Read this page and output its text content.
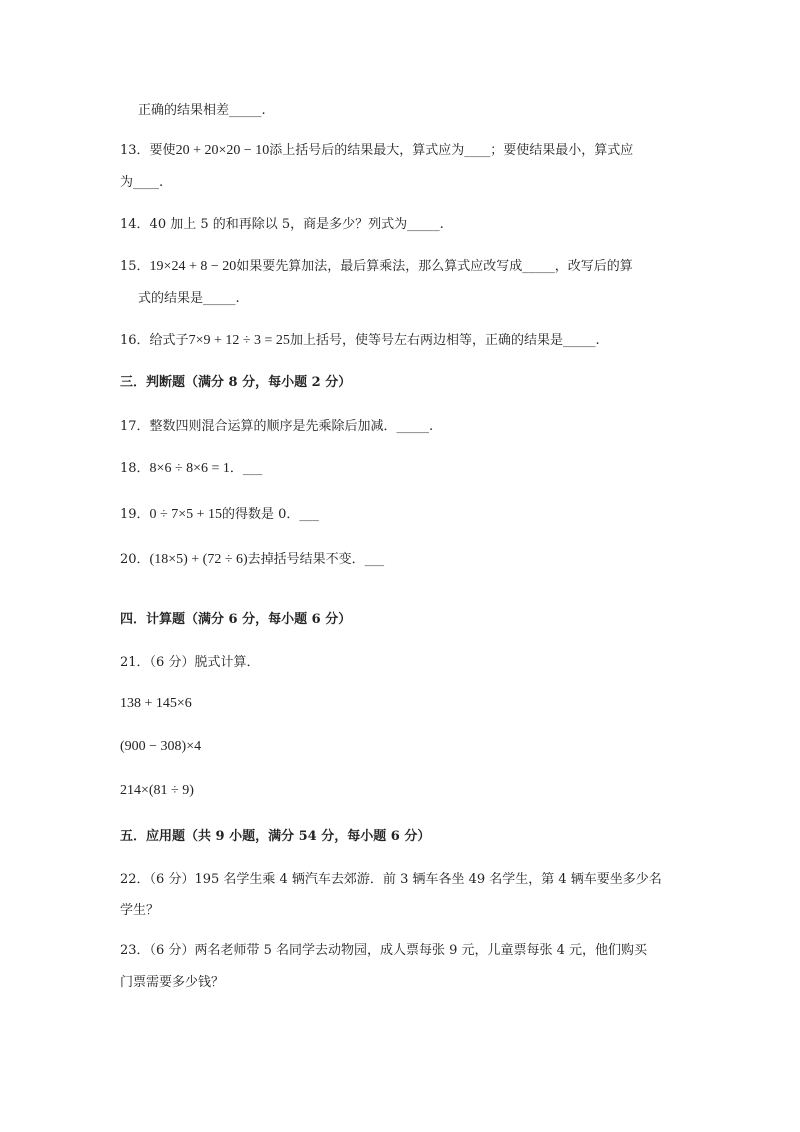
正确的结果相差_____.
13．要使20 + 20×20 − 10添上括号后的结果最大，算式应为____；要使结果最小，算式应
为____.
14．40 加上 5 的和再除以 5，商是多少？列式为_____.
15．19×24 + 8 − 20如果要先算加法，最后算乘法，那么算式应改写成_____，改写后的算
式的结果是_____.
16．给式子7×9 + 12 ÷ 3 = 25加上括号，使等号左右两边相等，正确的结果是_____.
三．判断题（满分 8 分，每小题 2 分）
17．整数四则混合运算的顺序是先乘除后加减．_____.
18．8×6 ÷ 8×6 = 1．___
19．0 ÷ 7×5 + 15的得数是 0．___
20．(18×5) + (72 ÷ 6)去掉括号结果不变．___
四．计算题（满分 6 分，每小题 6 分）
21．（6 分）脱式计算．
138 + 145×6
(900 − 308)×4
214×(81 ÷ 9)
五．应用题（共 9 小题，满分 54 分，每小题 6 分）
22．（6 分）195 名学生乘 4 辆汽车去郊游．前 3 辆车各坐 49 名学生，第 4 辆车要坐多少名
学生？
23．（6 分）两名老师带 5 名同学去动物园，成人票每张 9 元，儿童票每张 4 元，他们购买
门票需要多少钱？
